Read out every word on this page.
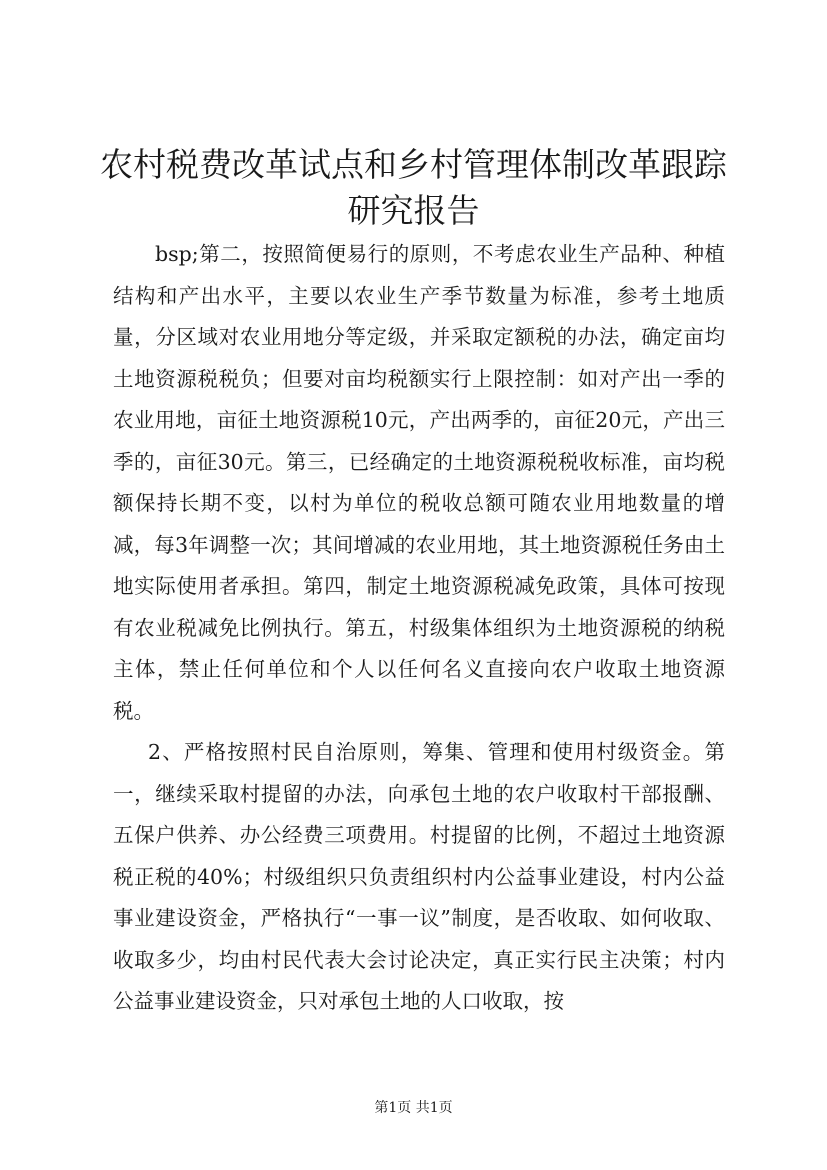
农村税费改革试点和乡村管理体制改革跟踪研究报告

bsp;第二，按照简便易行的原则，不考虑农业生产品种、种植结构和产出水平，主要以农业生产季节数量为标准，参考土地质量，分区域对农业用地分等定级，并采取定额税的办法，确定亩均土地资源税税负；但要对亩均税额实行上限控制：如对产出一季的农业用地，亩征土地资源税10元，产出两季的，亩征20元，产出三季的，亩征30元。第三，已经确定的土地资源税税收标准，亩均税额保持长期不变，以村为单位的税收总额可随农业用地数量的增减，每3年调整一次；其间增减的农业用地，其土地资源税任务由土地实际使用者承担。第四，制定土地资源税减免政策，具体可按现有农业税减免比例执行。第五，村级集体组织为土地资源税的纳税主体，禁止任何单位和个人以任何名义直接向农户收取土地资源税。

2、严格按照村民自治原则，筹集、管理和使用村级资金。第一，继续采取村提留的办法，向承包土地的农户收取村干部报酬、五保户供养、办公经费三项费用。村提留的比例，不超过土地资源税正税的40%；村级组织只负责组织村内公益事业建设，村内公益事业建设资金，严格执行“一事一议”制度，是否收取、如何收取、收取多少，均由村民代表大会讨论决定，真正实行民主决策；村内公益事业建设资金，只对承包土地的人口收取，按

第1页 共1页
